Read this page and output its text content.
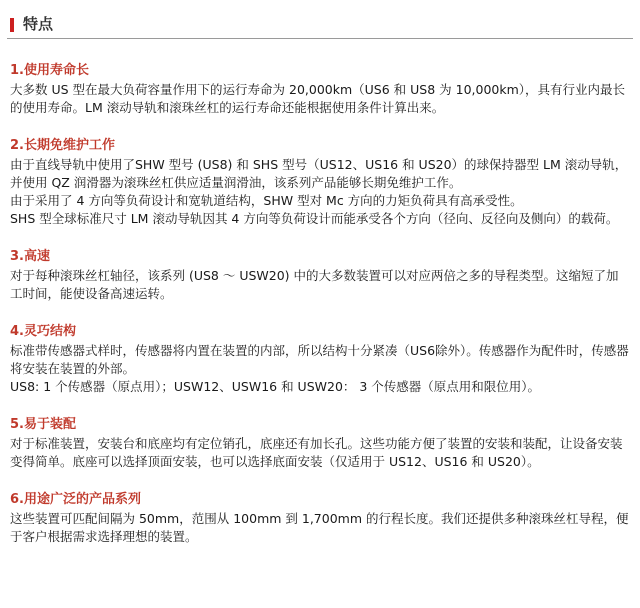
特点
1.使用寿命长

大多数 US 型在最大负荷容量作用下的运行寿命为 20,000km（US6 和 US8 为 10,000km），具有行业内最长的使用寿命。LM 滚动导轨和滚珠丝杠的运行寿命还能根据使用条件计算出来。

2.长期免维护工作

由于直线导轨中使用了SHW 型号 (US8) 和 SHS 型号（US12、US16 和 US20）的球保持器型 LM 滚动导轨，并使用 QZ 润滑器为滚珠丝杠供应适量润滑油，该系列产品能够长期免维护工作。

由于采用了 4 方向等负荷设计和宽轨道结构，SHW 型对 Mc 方向的力矩负荷具有高承受性。

SHS 型全球标准尺寸 LM 滚动导轨因其 4 方向等负荷设计而能承受各个方向（径向、反径向及侧向）的载荷。

3.高速

对于每种滚珠丝杠轴径，该系列 (US8 ～ USW20) 中的大多数装置可以对应两倍之多的导程类型。这缩短了加工时间，能使设备高速运转。

4.灵巧结构

标准带传感器式样时，传感器将内置在装置的内部，所以结构十分紧凑（US6除外）。传感器作为配件时，传感器将安装在装置的外部。

US8: 1 个传感器（原点用）；USW12、USW16 和 USW20： 3 个传感器（原点用和限位用）。

5.易于装配

对于标准装置，安装台和底座均有定位销孔，底座还有加长孔。这些功能方便了装置的安装和装配，让设备安装变得简单。底座可以选择顶面安装，也可以选择底面安装（仅适用于 US12、US16 和 US20）。

6.用途广泛的产品系列

这些装置可匹配间隔为 50mm，范围从 100mm 到 1,700mm 的行程长度。我们还提供多种滚珠丝杠导程，便于客户根据需求选择理想的装置。
